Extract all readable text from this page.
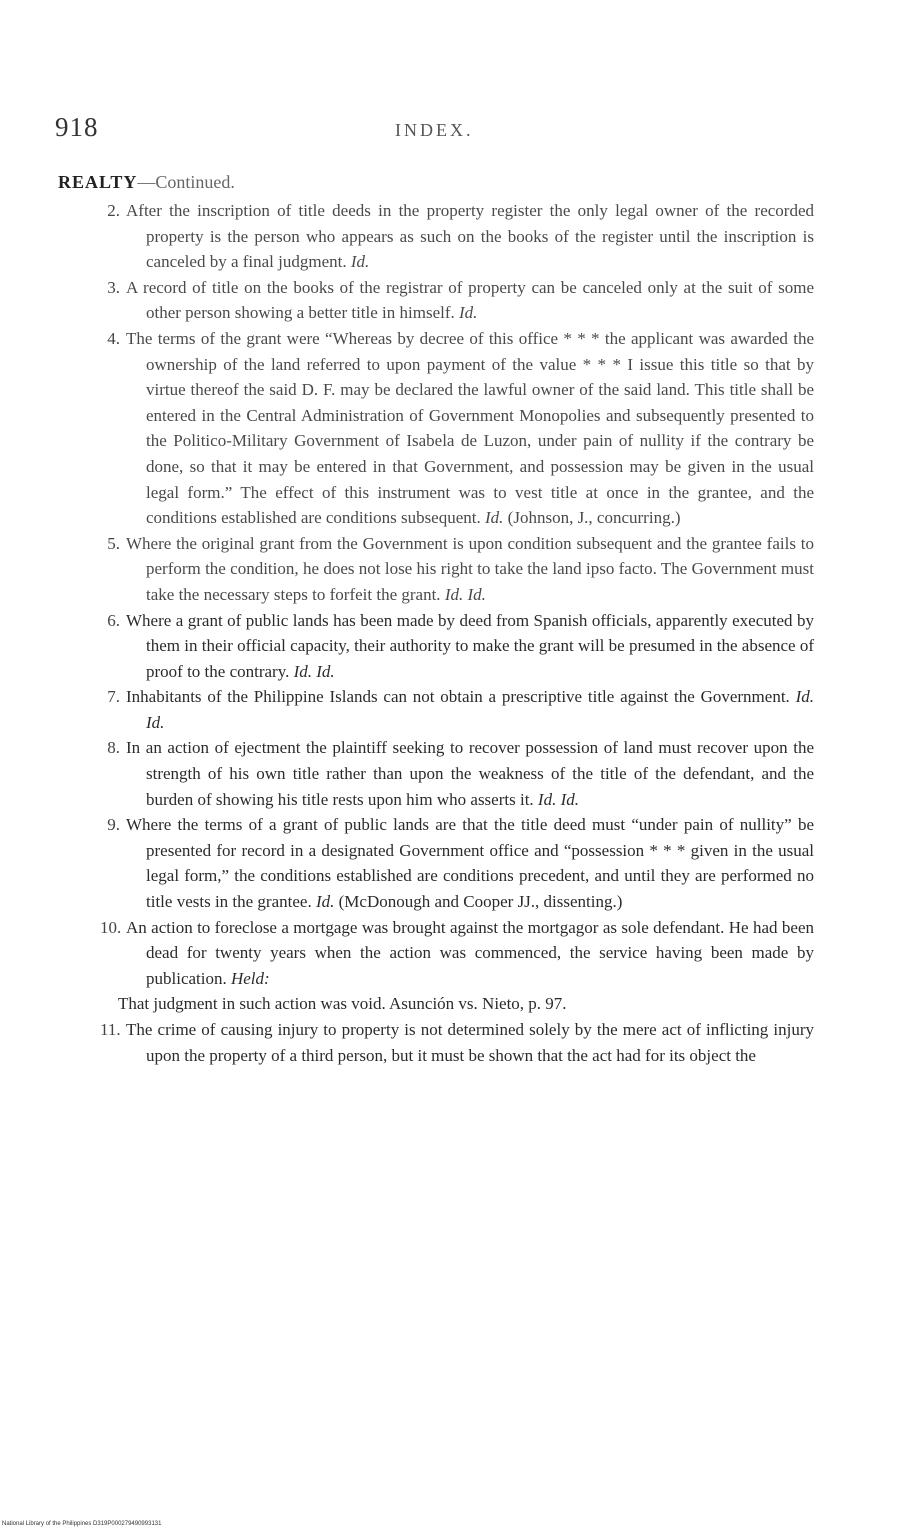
918	INDEX.
REALTY—Continued.
2. After the inscription of title deeds in the property register the only legal owner of the recorded property is the person who appears as such on the books of the register until the inscription is canceled by a final judgment. Id.
3. A record of title on the books of the registrar of property can be canceled only at the suit of some other person showing a better title in himself. Id.
4. The terms of the grant were “Whereas by decree of this office * * * the applicant was awarded the ownership of the land referred to upon payment of the value * * * I issue this title so that by virtue thereof the said D. F. may be declared the lawful owner of the said land. This title shall be entered in the Central Administration of Government Monopolies and subsequently presented to the Politico-Military Government of Isabela de Luzon, under pain of nullity if the contrary be done, so that it may be entered in that Government, and possession may be given in the usual legal form.” The effect of this instrument was to vest title at once in the grantee, and the conditions established are conditions subsequent. Id. (Johnson, J., concurring.)
5. Where the original grant from the Government is upon condition subsequent and the grantee fails to perform the condition, he does not lose his right to take the land ipso facto. The Government must take the necessary steps to forfeit the grant. Id. Id.
6. Where a grant of public lands has been made by deed from Spanish officials, apparently executed by them in their official capacity, their authority to make the grant will be presumed in the absence of proof to the contrary. Id. Id.
7. Inhabitants of the Philippine Islands can not obtain a prescriptive title against the Government. Id. Id.
8. In an action of ejectment the plaintiff seeking to recover possession of land must recover upon the strength of his own title rather than upon the weakness of the title of the defendant, and the burden of showing his title rests upon him who asserts it. Id. Id.
9. Where the terms of a grant of public lands are that the title deed must “under pain of nullity” be presented for record in a designated Government office and “possession * * * given in the usual legal form,” the conditions established are conditions precedent, and until they are performed no title vests in the grantee. Id. (McDonough and Cooper JJ., dissenting.)
10. An action to foreclose a mortgage was brought against the mortgagor as sole defendant. He had been dead for twenty years when the action was commenced, the service having been made by publication. Held:
That judgment in such action was void. Asunción vs. Nieto, p. 97.
11. The crime of causing injury to property is not determined solely by the mere act of inflicting injury upon the property of a third person, but it must be shown that the act had for its object the
National Library of the Philippines D319P000279490993131
